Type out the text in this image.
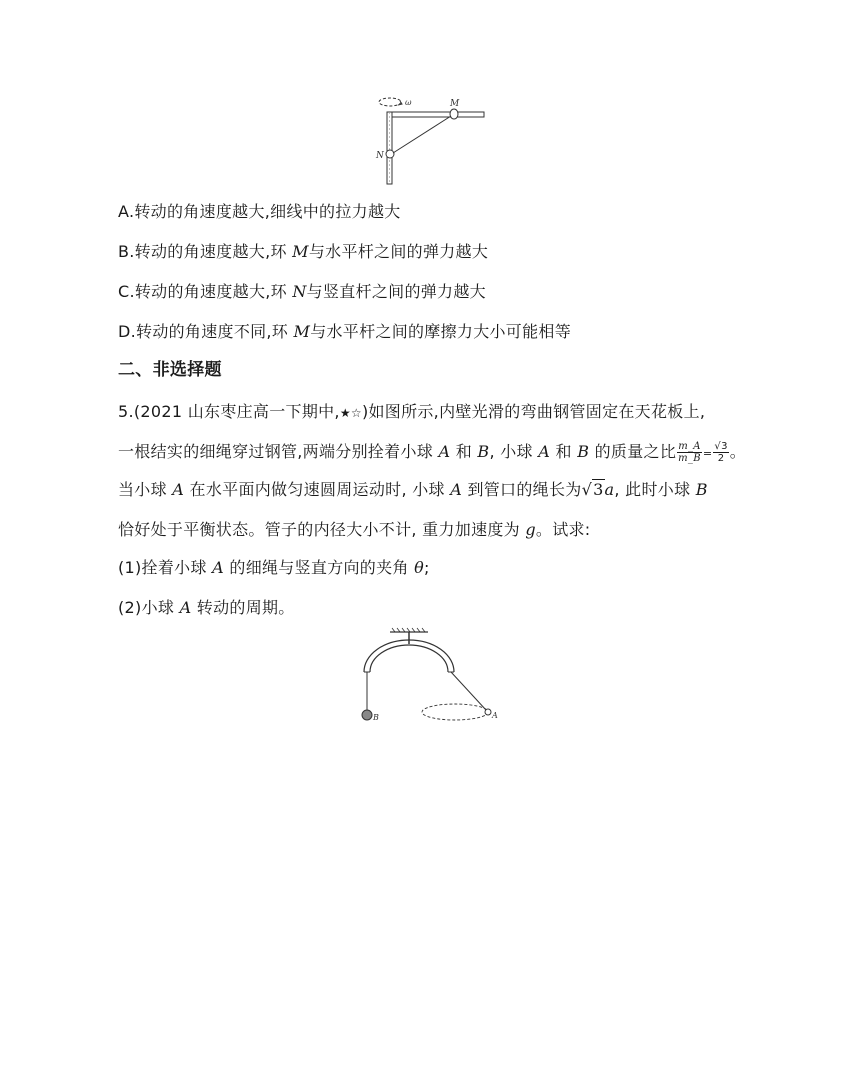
ω	M
N
A.转动的角速度越大,细线中的拉力越大
B.转动的角速度越大,环 M与水平杆之间的弹力越大
C.转动的角速度越大,环 N与竖直杆之间的弹力越大
D.转动的角速度不同,环 M与水平杆之间的摩擦力大小可能相等
二、非选择题
5.(2021 山东枣庄高一下期中,★☆)如图所示,内壁光滑的弯曲钢管固定在天花板上,
一根结实的细绳穿过钢管,两端分别拴着小球 A 和 B, 小球 A 和 B 的质量之比 $\frac{m\_A}{m\_B} = \frac{√3}{2}$ 。
当小球 A 在水平面内做匀速圆周运动时, 小球 A 到管口的绳长为√3a, 此时小球 B
恰好处于平衡状态。管子的内径大小不计, 重力加速度为 g。试求:
(1)拴着小球 A 的细绳与竖直方向的夹角 θ;
(2)小球 A 转动的周期。
B	A
